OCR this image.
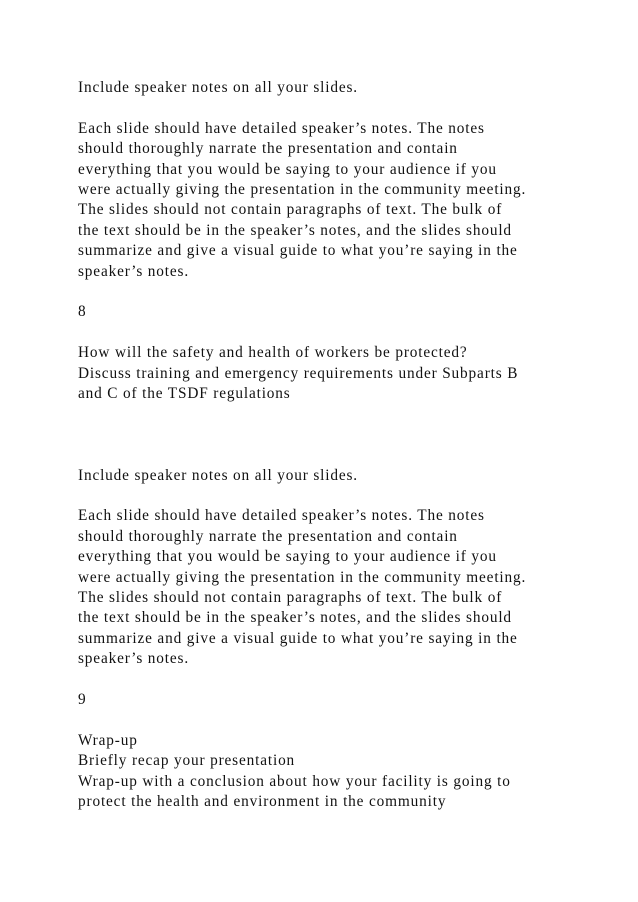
Include speaker notes on all your slides.

Each slide should have detailed speaker’s notes. The notes
should thoroughly narrate the presentation and contain
everything that you would be saying to your audience if you
were actually giving the presentation in the community meeting.
The slides should not contain paragraphs of text. The bulk of
the text should be in the speaker’s notes, and the slides should
summarize and give a visual guide to what you’re saying in the
speaker’s notes.

8

How will the safety and health of workers be protected?
Discuss training and emergency requirements under Subparts B
and C of the TSDF regulations

Include speaker notes on all your slides.

Each slide should have detailed speaker’s notes. The notes
should thoroughly narrate the presentation and contain
everything that you would be saying to your audience if you
were actually giving the presentation in the community meeting.
The slides should not contain paragraphs of text. The bulk of
the text should be in the speaker’s notes, and the slides should
summarize and give a visual guide to what you’re saying in the
speaker’s notes.

9

Wrap-up
Briefly recap your presentation
Wrap-up with a conclusion about how your facility is going to
protect the health and environment in the community
